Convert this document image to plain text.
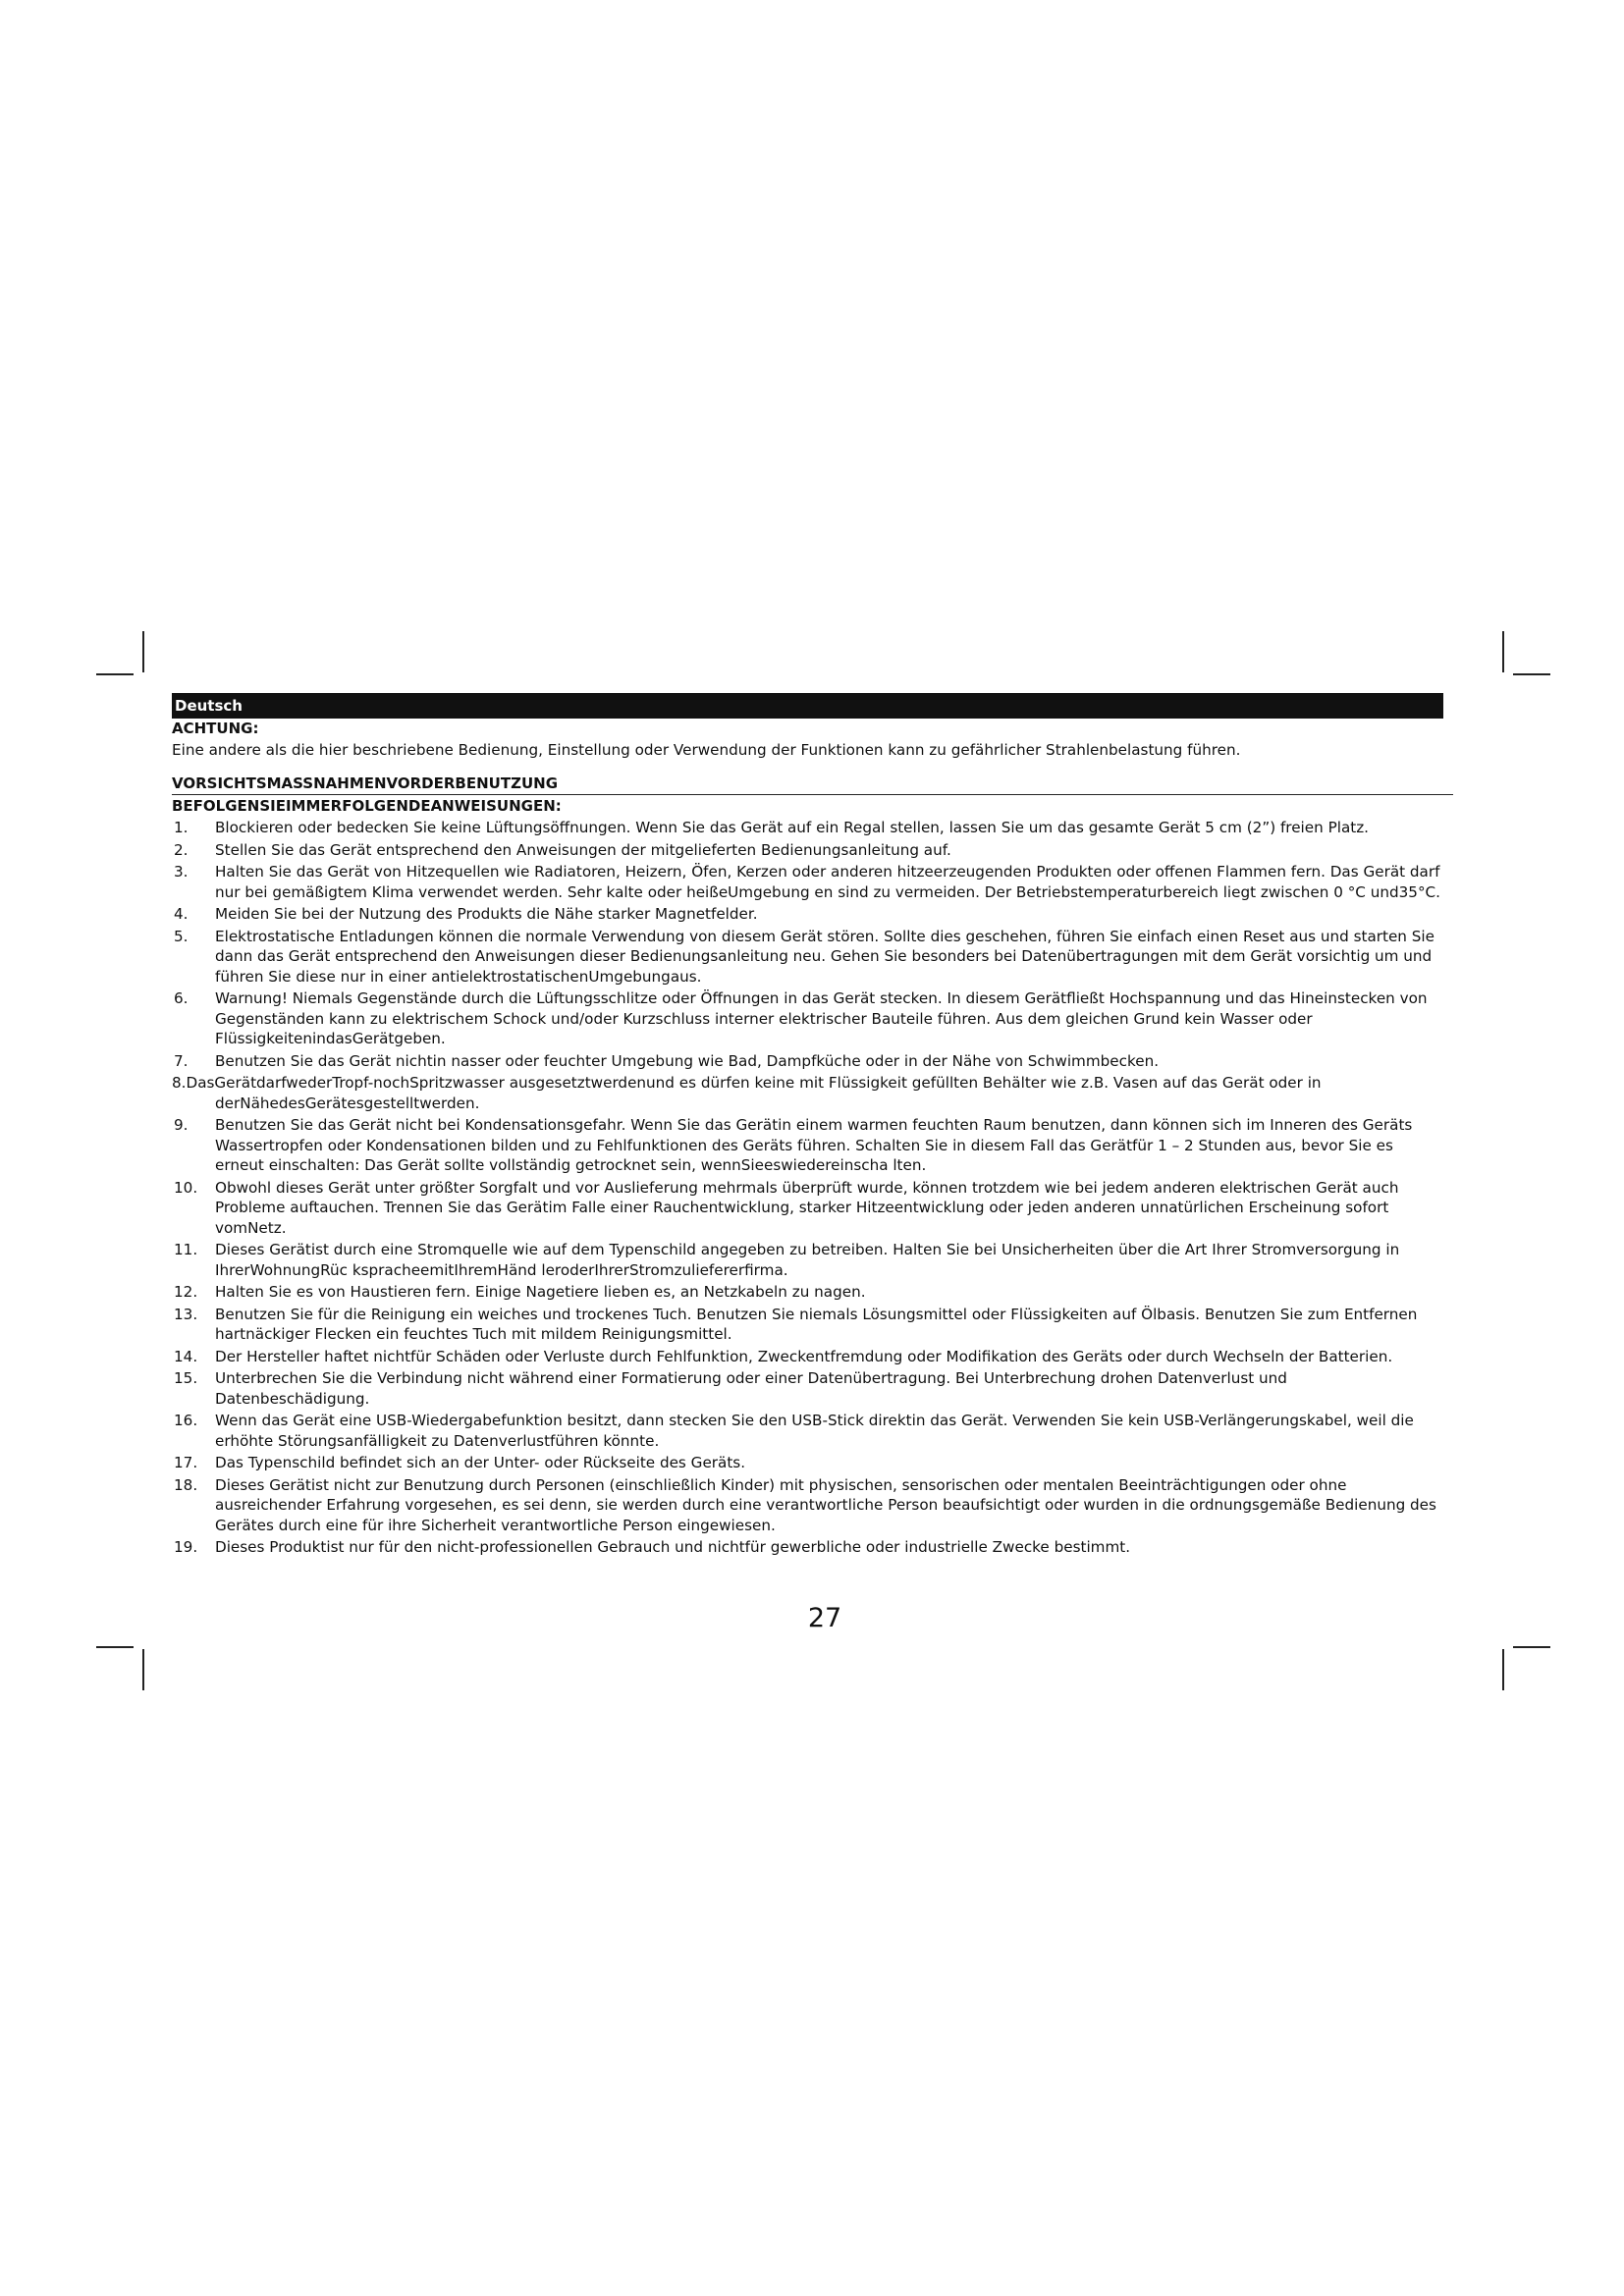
Deutsch
ACHTUNG:
Eine andere als die hier beschriebene Bedienung, Einstellung oder Verwendung der Funktionen kann zu gefährlicher Strahlenbelastung führen.
VORSICHTSMASSNAHMENVORDERBENUTZUNG
BEFOLGENSIEIMMERFOLGENDEANWEISUNGEN:
1. Blockieren oder bedecken Sie keine Lüftungsöffnungen. Wenn Sie das Gerät auf ein Regal stellen, lassen Sie um das gesamte Gerät 5 cm (2”) freien Platz.
2. Stellen Sie das Gerät entsprechend den Anweisungen der mitgelieferten Bedienungsanleitung auf.
3. Halten Sie das Gerät von Hitzequellen wie Radiatoren, Heizern, Öfen, Kerzen oder anderen hitzeerzeugenden Produkten oder offenen Flammen fern. Das Gerät darf nur bei gemäßigtem Klima verwendet werden. Sehr kalte oder heißeUmgebung en sind zu vermeiden. Der Betriebstemperaturbereich liegt zwischen 0 °C und35°C.
4. Meiden Sie bei der Nutzung des Produkts die Nähe starker Magnetfelder.
5. Elektrostatische Entladungen können die normale Verwendung von diesem Gerät stören. Sollte dies geschehen, führen Sie einfach einen Reset aus und starten Sie dann das Gerät entsprechend den Anweisungen dieser Bedienungsanleitung neu. Gehen Sie besonders bei Datenübertragungen mit dem Gerät vorsichtig um und führen Sie diese nur in einer antielektrostatischenUmgebungaus.
6. Warnung! Niemals Gegenstände durch die Lüftungsschlitze oder Öffnungen in das Gerät stecken. In diesem Gerätfließt Hochspannung und das Hineinstecken von Gegenständen kann zu elektrischem Schock und/oder Kurzschluss interner elektrischer Bauteile führen. Aus dem gleichen Grund kein Wasser oder FlüssigkeitenindasGerätgeben.
7. Benutzen Sie das Gerät nichtin nasser oder feuchter Umgebung wie Bad, Dampfküche oder in der Nähe von Schwimmbecken.
8.DasGerätdarfwederTropf-nochSpritzwasser ausgesetztwerdenund es dürfen keine mit Flüssigkeit gefüllten Behälter wie z.B. Vasen auf das Gerät oder in
derNähedesGerätesgestelltwerden.
9. Benutzen Sie das Gerät nicht bei Kondensationsgefahr. Wenn Sie das Gerätin einem warmen feuchten Raum benutzen, dann können sich im Inneren des Geräts Wassertropfen oder Kondensationen bilden und zu Fehlfunktionen des Geräts führen. Schalten Sie in diesem Fall das Gerätfür 1 – 2 Stunden aus, bevor Sie es erneut einschalten: Das Gerät sollte vollständig getrocknet sein, wennSieeswiedereinscha lten.
10. Obwohl dieses Gerät unter größter Sorgfalt und vor Auslieferung mehrmals überprüft wurde, können trotzdem wie bei jedem anderen elektrischen Gerät auch Probleme auftauchen. Trennen Sie das Gerätim Falle einer Rauchentwicklung, starker Hitzeentwicklung oder jeden anderen unnatürlichen Erscheinung sofort vomNetz.
11. Dieses Gerätist durch eine Stromquelle wie auf dem Typenschild angegeben zu betreiben. Halten Sie bei Unsicherheiten über die Art Ihrer Stromversorgung in IhrerWohnungRüc kspracheemitIhremHänd leroderIhrerStromzuliefererfirma.
12. Halten Sie es von Haustieren fern. Einige Nagetiere lieben es, an Netzkabeln zu nagen.
13. Benutzen Sie für die Reinigung ein weiches und trockenes Tuch. Benutzen Sie niemals Lösungsmittel oder Flüssigkeiten auf Ölbasis. Benutzen Sie zum Entfernen hartnäckiger Flecken ein feuchtes Tuch mit mildem Reinigungsmittel.
14. Der Hersteller haftet nichtfür Schäden oder Verluste durch Fehlfunktion, Zweckentfremdung oder Modifikation des Geräts oder durch Wechseln der Batterien.
15. Unterbrechen Sie die Verbindung nicht während einer Formatierung oder einer Datenübertragung. Bei Unterbrechung drohen Datenverlust und Datenbeschädigung.
16. Wenn das Gerät eine USB-Wiedergabefunktion besitzt, dann stecken Sie den USB-Stick direktin das Gerät. Verwenden Sie kein USB-Verlängerungskabel, weil die erhöhte Störungsanfälligkeit zu Datenverlustführen könnte.
17. Das Typenschild befindet sich an der Unter- oder Rückseite des Geräts.
18. Dieses Gerätist nicht zur Benutzung durch Personen (einschließlich Kinder) mit physischen, sensorischen oder mentalen Beeinträchtigungen oder ohne ausreichender Erfahrung vorgesehen, es sei denn, sie werden durch eine verantwortliche Person beaufsichtigt oder wurden in die ordnungsgemäße Bedienung des Gerätes durch eine für ihre Sicherheit verantwortliche Person eingewiesen.
19. Dieses Produktist nur für den nicht-professionellen Gebrauch und nichtfür gewerbliche oder industrielle Zwecke bestimmt.
27
